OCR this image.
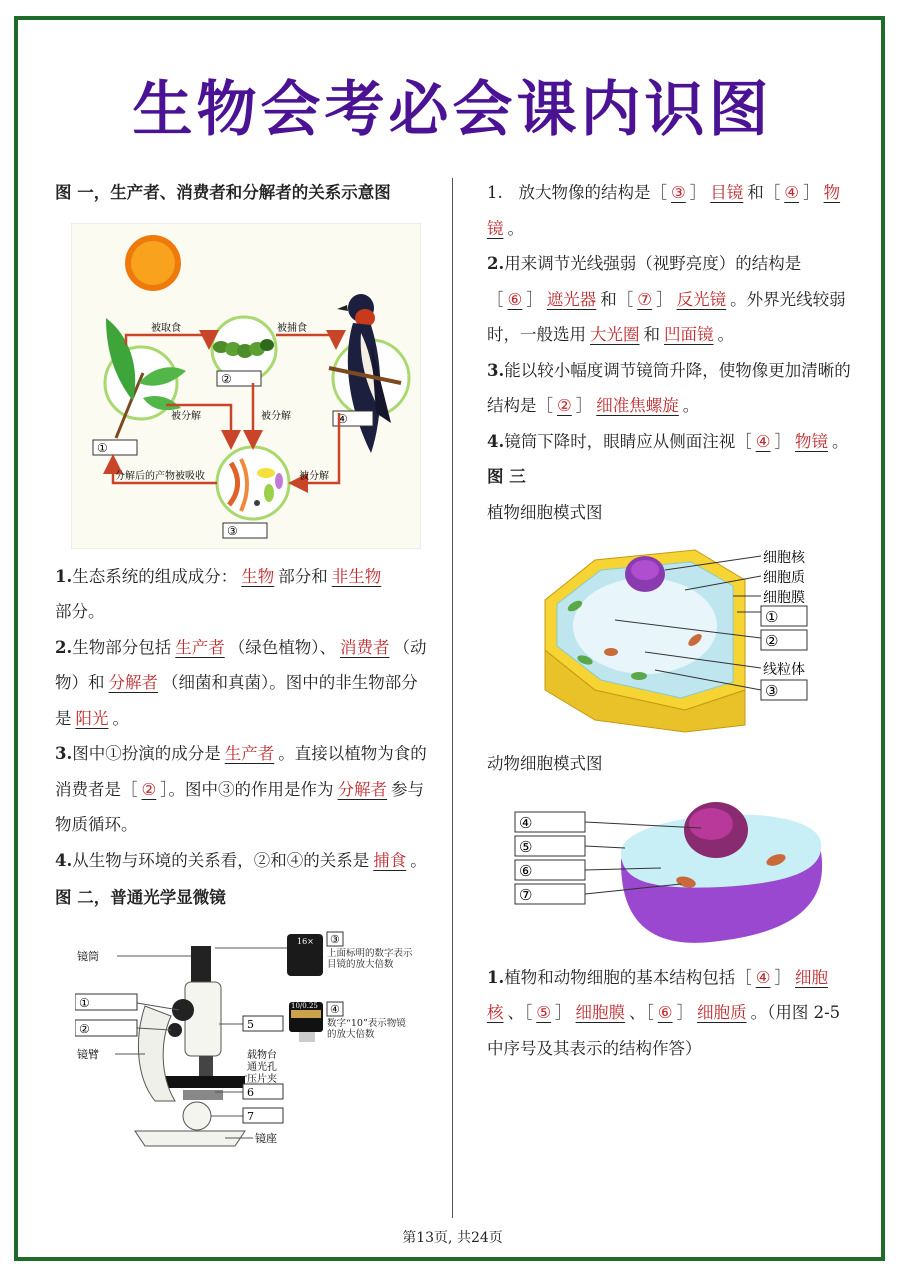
生物会考必会课内识图

图 一，生产者、消费者和分解者的关系示意图

①
②
④
③
被取食	被捕食
被分解	被分解
被分解
分解后的产物被吸收

1.生态系统的组成成分： 生物 部分和 非生物
部分。

2.生物部分包括 生产者 （绿色植物）、 消费者 （动物）和 分解者 （细菌和真菌）。图中的非生物部分是 阳光 。

3.图中①扮演的成分是 生产者 。直接以植物为食的消费者是［ ② ］。图中③的作用是作为 分解者 参与物质循环。

4.从生物与环境的关系看，②和④的关系是 捕食 。

图 二，普通光学显微镜

16×
10/0.25
①
②
③
④
5
6
7
镜筒
镜臂
镜座
载物台
通光孔
压片夹
上面标明的数字表示目镜的放大倍数
数字“10”表示物镜的放大倍数

1. 放大物像的结构是［ ③ ］ 目镜 和［ ④ ］ 物镜 。

2.用来调节光线强弱（视野亮度）的结构是［ ⑥ ］ 遮光器 和［ ⑦ ］ 反光镜 。外界光线较弱时，一般选用 大光圈 和 凹面镜 。

3.能以较小幅度调节镜筒升降，使物像更加清晰的结构是［ ② ］ 细准焦螺旋 。

4.镜筒下降时，眼睛应从侧面注视［ ④ ］ 物镜 。

图 三

植物细胞模式图

细胞核
细胞质
细胞膜
线粒体
①
②
③

动物细胞模式图

④
⑤
⑥
⑦

1.植物和动物细胞的基本结构包括［ ④ ］ 细胞核 、［ ⑤ ］ 细胞膜 、［ ⑥ ］ 细胞质 。（用图 2-5 中序号及其表示的结构作答）

第13页, 共24页
